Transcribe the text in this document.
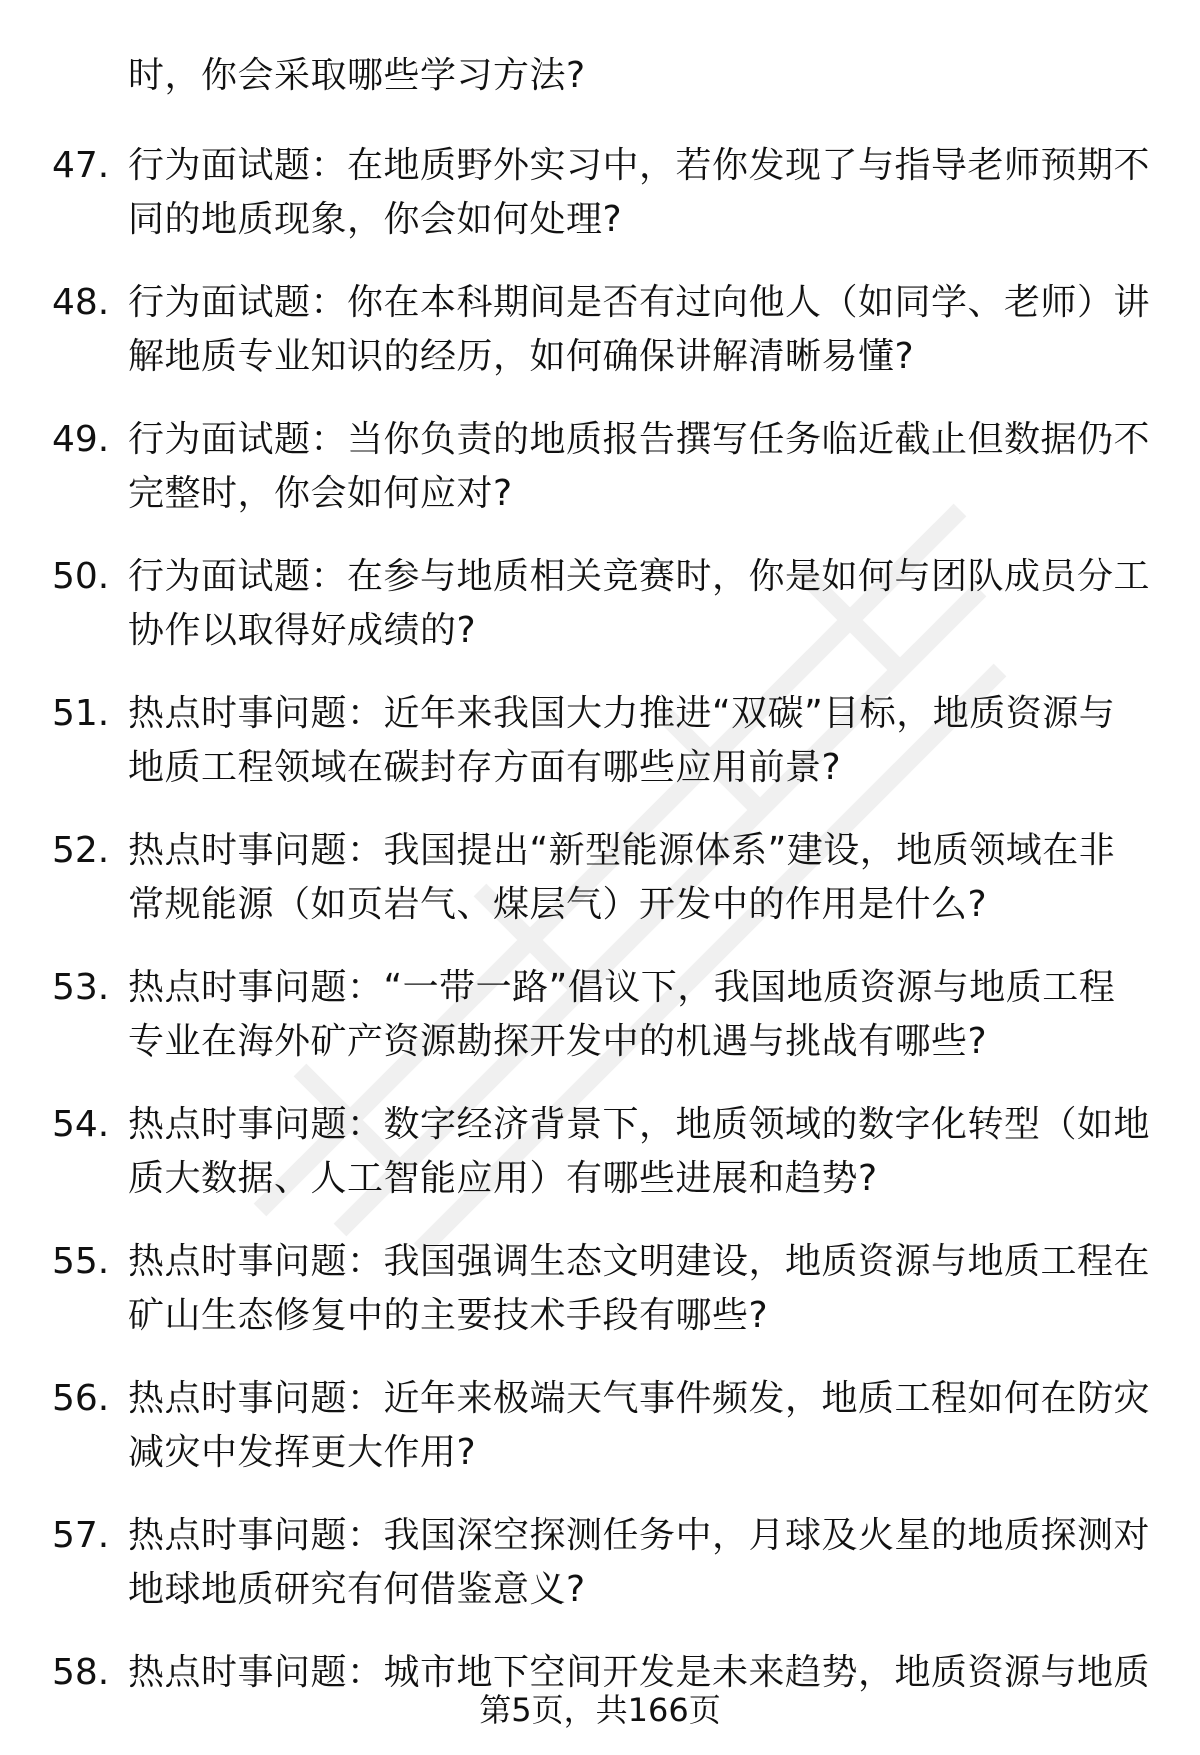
时，你会采取哪些学习方法?
47. 行为面试题：在地质野外实习中，若你发现了与指导老师预期不
同的地质现象，你会如何处理?
48. 行为面试题：你在本科期间是否有过向他人（如同学、老师）讲
解地质专业知识的经历，如何确保讲解清晰易懂?
49. 行为面试题：当你负责的地质报告撰写任务临近截止但数据仍不
完整时，你会如何应对?
50. 行为面试题：在参与地质相关竞赛时，你是如何与团队成员分工
协作以取得好成绩的?
51. 热点时事问题：近年来我国大力推进“双碳”目标，地质资源与
地质工程领域在碳封存方面有哪些应用前景?
52. 热点时事问题：我国提出“新型能源体系”建设，地质领域在非
常规能源（如页岩气、煤层气）开发中的作用是什么?
53. 热点时事问题：“一带一路”倡议下，我国地质资源与地质工程
专业在海外矿产资源勘探开发中的机遇与挑战有哪些?
54. 热点时事问题：数字经济背景下，地质领域的数字化转型（如地
质大数据、人工智能应用）有哪些进展和趋势?
55. 热点时事问题：我国强调生态文明建设，地质资源与地质工程在
矿山生态修复中的主要技术手段有哪些?
56. 热点时事问题：近年来极端天气事件频发，地质工程如何在防灾
减灾中发挥更大作用?
57. 热点时事问题：我国深空探测任务中，月球及火星的地质探测对
地球地质研究有何借鉴意义?
58. 热点时事问题：城市地下空间开发是未来趋势，地质资源与地质
第5页，共166页
